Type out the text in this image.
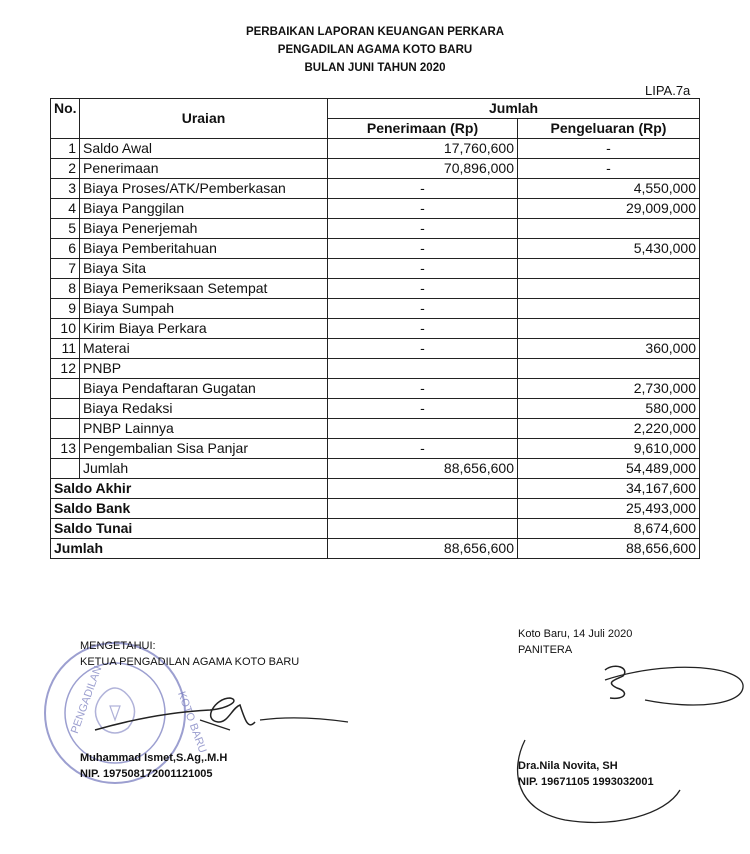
PERBAIKAN LAPORAN KEUANGAN PERKARA
PENGADILAN AGAMA KOTO BARU
BULAN JUNI TAHUN 2020
LIPA.7a
No.	Uraian	Jumlah	
		Penerimaan (Rp)	Pengeluaran (Rp)
1	Saldo Awal	17,760,600	-
2	Penerimaan	70,896,000	-
3	Biaya Proses/ATK/Pemberkasan	-	4,550,000
4	Biaya Panggilan	-	29,009,000
5	Biaya Penerjemah	-	
6	Biaya Pemberitahuan	-	5,430,000
7	Biaya Sita	-	
8	Biaya Pemeriksaan Setempat	-	
9	Biaya Sumpah	-	
10	Kirim Biaya Perkara	-	
11	Materai	-	360,000
12	PNBP		
	Biaya Pendaftaran Gugatan	-	2,730,000
	Biaya Redaksi	-	580,000
	PNBP Lainnya		2,220,000
13	Pengembalian Sisa Panjar	-	9,610,000
	Jumlah	88,656,600	54,489,000
Saldo Akhir			34,167,600
Saldo Bank			25,493,000
Saldo Tunai			8,674,600
Jumlah		88,656,600	88,656,600
PENGADILAN	KOTO BARU
MENGETAHUI:
KETUA PENGADILAN AGAMA KOTO BARU
Muhammad Ismet,S.Ag,.M.H
NIP. 197508172001121005
Koto Baru, 14 Juli 2020
PANITERA
Dra.Nila Novita, SH
NIP. 19671105 1993032001
